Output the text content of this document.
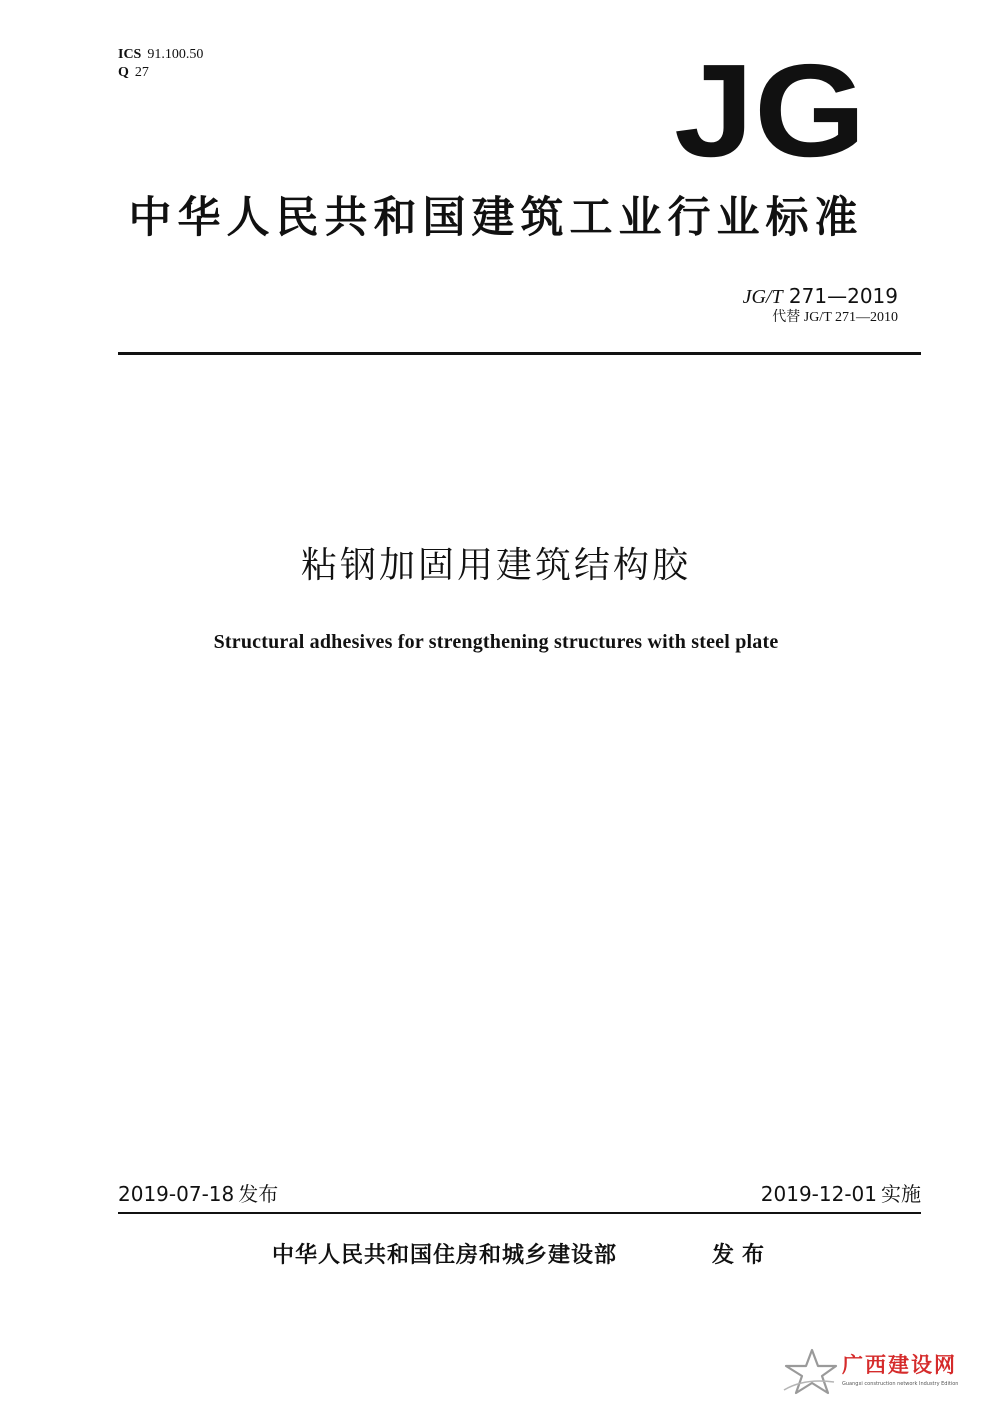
ICS 91.100.50
Q 27	JG
中华人民共和国建筑工业行业标准
JG/T 271—2019
代替 JG/T 271—2010
粘钢加固用建筑结构胶
Structural adhesives for strengthening structures with steel plate
2019-07-18 发布	2019-12-01 实施
中华人民共和国住房和城乡建设部	发布
广西建设网
Guangxi construction network Industry Edition
